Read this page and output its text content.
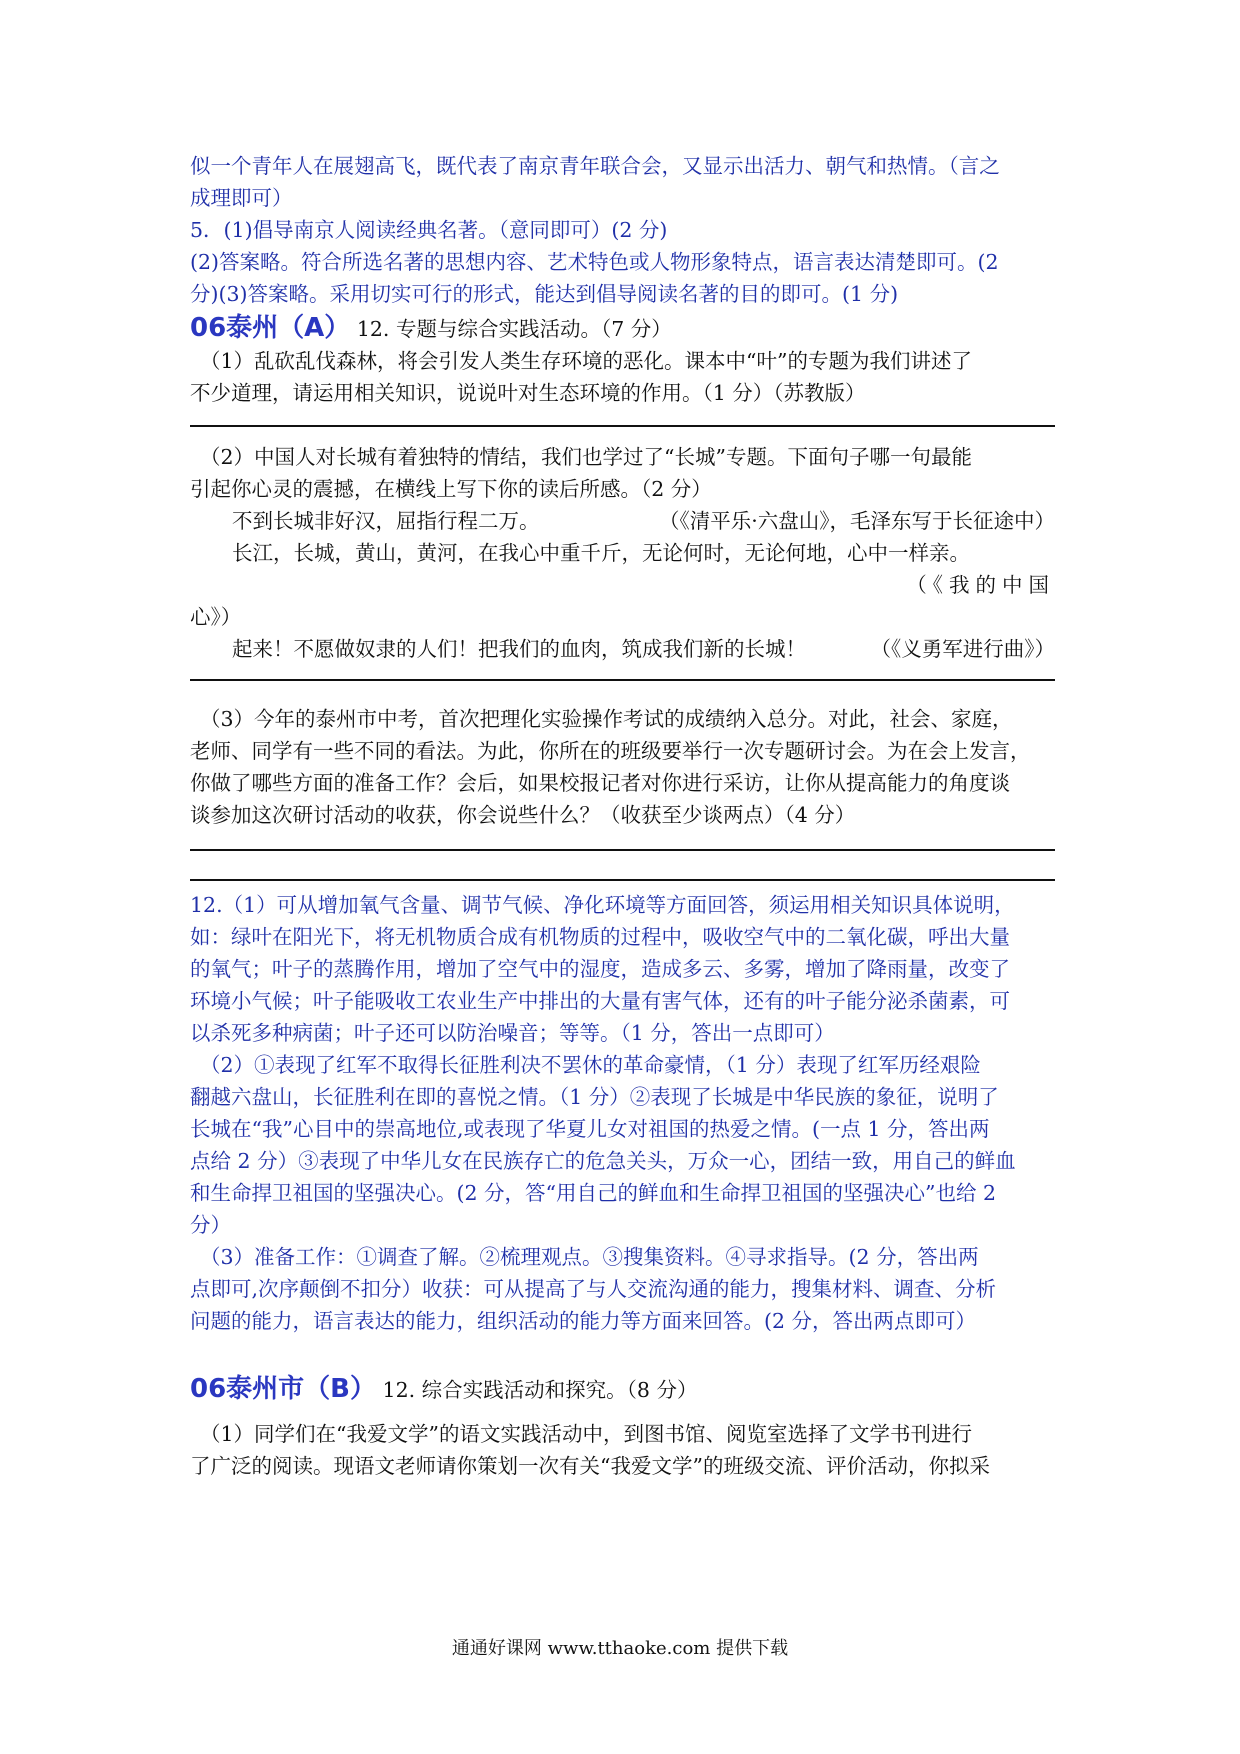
似一个青年人在展翅高飞，既代表了南京青年联合会，又显示出活力、朝气和热情。（言之

成理即可）

5．(1)倡导南京人阅读经典名著。（意同即可）(2 分)

(2)答案略。符合所选名著的思想内容、艺术特色或人物形象特点，语言表达清楚即可。(2

分)(3)答案略。采用切实可行的形式，能达到倡导阅读名著的目的即可。(1 分)

06泰州（A） 12. 专题与综合实践活动。（7 分）

（1）乱砍乱伐森林，将会引发人类生存环境的恶化。课本中“叶”的专题为我们讲述了

不少道理，请运用相关知识，说说叶对生态环境的作用。（1 分）（苏教版）

（2）中国人对长城有着独特的情结，我们也学过了“长城”专题。下面句子哪一句最能

引起你心灵的震撼，在横线上写下你的读后所感。（2 分）

不到长城非好汉，屈指行程二万。	（《清平乐·六盘山》，毛泽东写于长征途中）

长江，长城，黄山，黄河，在我心中重千斤，无论何时，无论何地，心中一样亲。

（《我的中国

心》）

起来！不愿做奴隶的人们！把我们的血肉，筑成我们新的长城！	（《义勇军进行曲》）

（3）今年的泰州市中考，首次把理化实验操作考试的成绩纳入总分。对此，社会、家庭，

老师、同学有一些不同的看法。为此，你所在的班级要举行一次专题研讨会。为在会上发言，

你做了哪些方面的准备工作？会后，如果校报记者对你进行采访，让你从提高能力的角度谈

谈参加这次研讨活动的收获，你会说些什么？（收获至少谈两点）（4 分）

12.（1）可从增加氧气含量、调节气候、净化环境等方面回答，须运用相关知识具体说明，

如：绿叶在阳光下，将无机物质合成有机物质的过程中，吸收空气中的二氧化碳，呼出大量

的氧气；叶子的蒸腾作用，增加了空气中的湿度，造成多云、多雾，增加了降雨量，改变了

环境小气候；叶子能吸收工农业生产中排出的大量有害气体，还有的叶子能分泌杀菌素，可

以杀死多种病菌；叶子还可以防治噪音；等等。（1 分，答出一点即可）

（2）①表现了红军不取得长征胜利决不罢休的革命豪情，（1 分）表现了红军历经艰险

翻越六盘山，长征胜利在即的喜悦之情。（1 分）②表现了长城是中华民族的象征，说明了

长城在“我”心目中的崇高地位,或表现了华夏儿女对祖国的热爱之情。(一点 1 分，答出两

点给 2 分）③表现了中华儿女在民族存亡的危急关头，万众一心，团结一致，用自己的鲜血

和生命捍卫祖国的坚强决心。(2 分，答“用自己的鲜血和生命捍卫祖国的坚强决心”也给 2

分）

（3）准备工作：①调查了解。②梳理观点。③搜集资料。④寻求指导。(2 分，答出两

点即可,次序颠倒不扣分）收获：可从提高了与人交流沟通的能力，搜集材料、调查、分析

问题的能力，语言表达的能力，组织活动的能力等方面来回答。(2 分，答出两点即可）

06泰州市（B） 12. 综合实践活动和探究。（8 分）

（1）同学们在“我爱文学”的语文实践活动中，到图书馆、阅览室选择了文学书刊进行

了广泛的阅读。现语文老师请你策划一次有关“我爱文学”的班级交流、评价活动，你拟采

通通好课网 www.tthaoke.com 提供下载
